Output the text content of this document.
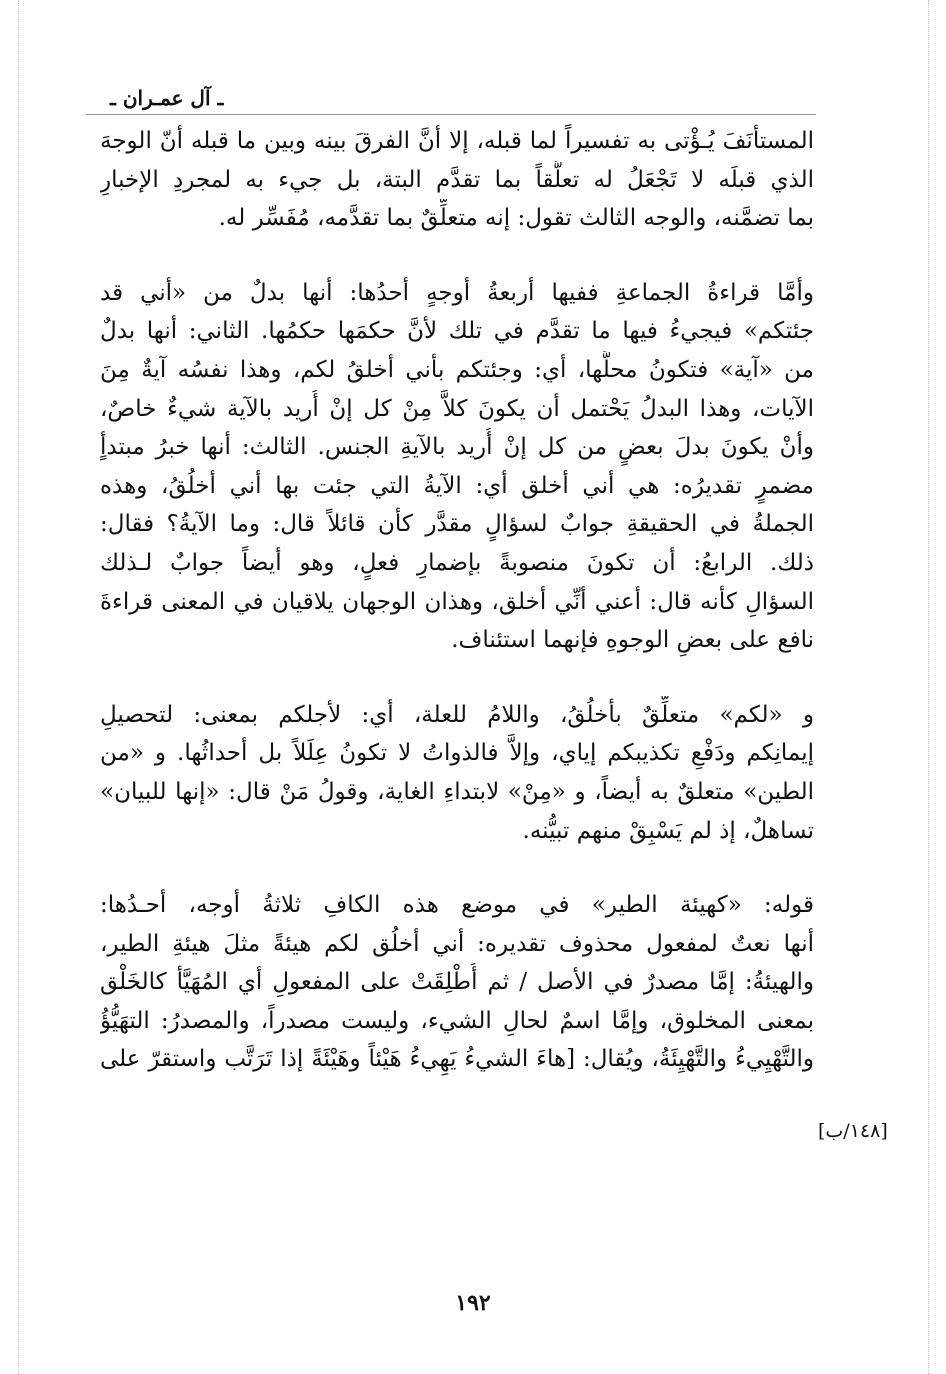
ـ آل عمـران ـ
المستأنَفَ يُـؤْتى به تفسيراً لما قبله، إلا أنَّ الفرقَ بينه وبين ما قبله أنّ الوجهَ
الذي قبلَه لا تَجْعَلُ له تعلُّقاً بما تقدَّم البتة، بل جيء به لمجردِ الإخبارِ
بما تضمَّنه، والوجه الثالث تقول: إنه متعلِّقٌ بما تقدَّمه، مُفَسِّر له.
وأمَّا قراءةُ الجماعةِ ففيها أربعةُ أوجهٍ أحدُها: أنها بدلٌ من «أني قد
جئتكم» فيجيءُ فيها ما تقدَّم في تلك لأنَّ حكمَها حكمُها. الثاني: أنها بدلٌ
من «آية» فتكونُ محلَّها، أي: وجئتكم بأني أخلقُ لكم، وهذا نفسُه آيةٌ مِنَ
الآيات، وهذا البدلُ يَحْتمل أن يكونَ كلاًّ مِنْ كل إنْ أُريد بالآية شيءٌ خاصٌ،
وأنْ يكونَ بدلَ بعضٍ من كل إنْ أُريد بالآيةِ الجنس. الثالث: أنها خبرُ مبتدأٍ
مضمرٍ تقديرُه: هي أني أخلق أي: الآيةُ التي جئت بها أني أخلُقُ، وهذه
الجملةُ في الحقيقةِ جوابٌ لسؤالٍ مقدَّر كأن قائلاً قال: وما الآيةُ؟ فقال:
ذلك. الرابعُ: أن تكونَ منصوبةً بإضمارِ فعلٍ، وهو أيضاً جوابٌ لـذلك
السؤالِ كأنه قال: أعني أنِّي أخلق، وهذان الوجهان يلاقيان في المعنى قراءةَ
نافع على بعضِ الوجوهِ فإنهما استئناف.
و «لكم» متعلِّقٌ بأخلُقُ، واللامُ للعلة، أي: لأجلكم بمعنى: لتحصيلِ
إيمانِكم ودَفْعِ تكذيبكم إياي، وإلاَّ فالذواتُ لا تكونُ عِلَلاً بل أحداثُها. و «من
الطين» متعلقٌ به أيضاً، و «مِنْ» لابتداءِ الغاية، وقولُ مَنْ قال: «إنها للبيان»
تساهلٌ، إذ لم يَسْبِقْ منهم تبيُّنه.
قوله: «كهيئة الطير» في موضع هذه الكافِ ثلاثةُ أوجه، أحـدُها:
أنها نعتٌ لمفعول محذوف تقديره: أني أخلُق لكم هيئةً مثلَ هيئةِ الطير،
والهيئةُ: إمَّا مصدرٌ في الأصل / ثم أُطْلِقَتْ على المفعولِ أي المُهَيَّأ كالخَلْق
بمعنى المخلوق، وإمَّا اسمٌ لحالِ الشيء، وليست مصدراً، والمصدرُ: التهَيُّؤُ
والتَّهْيِيءُ والتَّهْيِئَةُ، ويُقال: [هاءَ الشيءُ يَهِيءُ هَيْئاً وهَيْئَةً إذا تَرَتَّب واستقرّ على
[١٤٨/ب]
١٩٢
